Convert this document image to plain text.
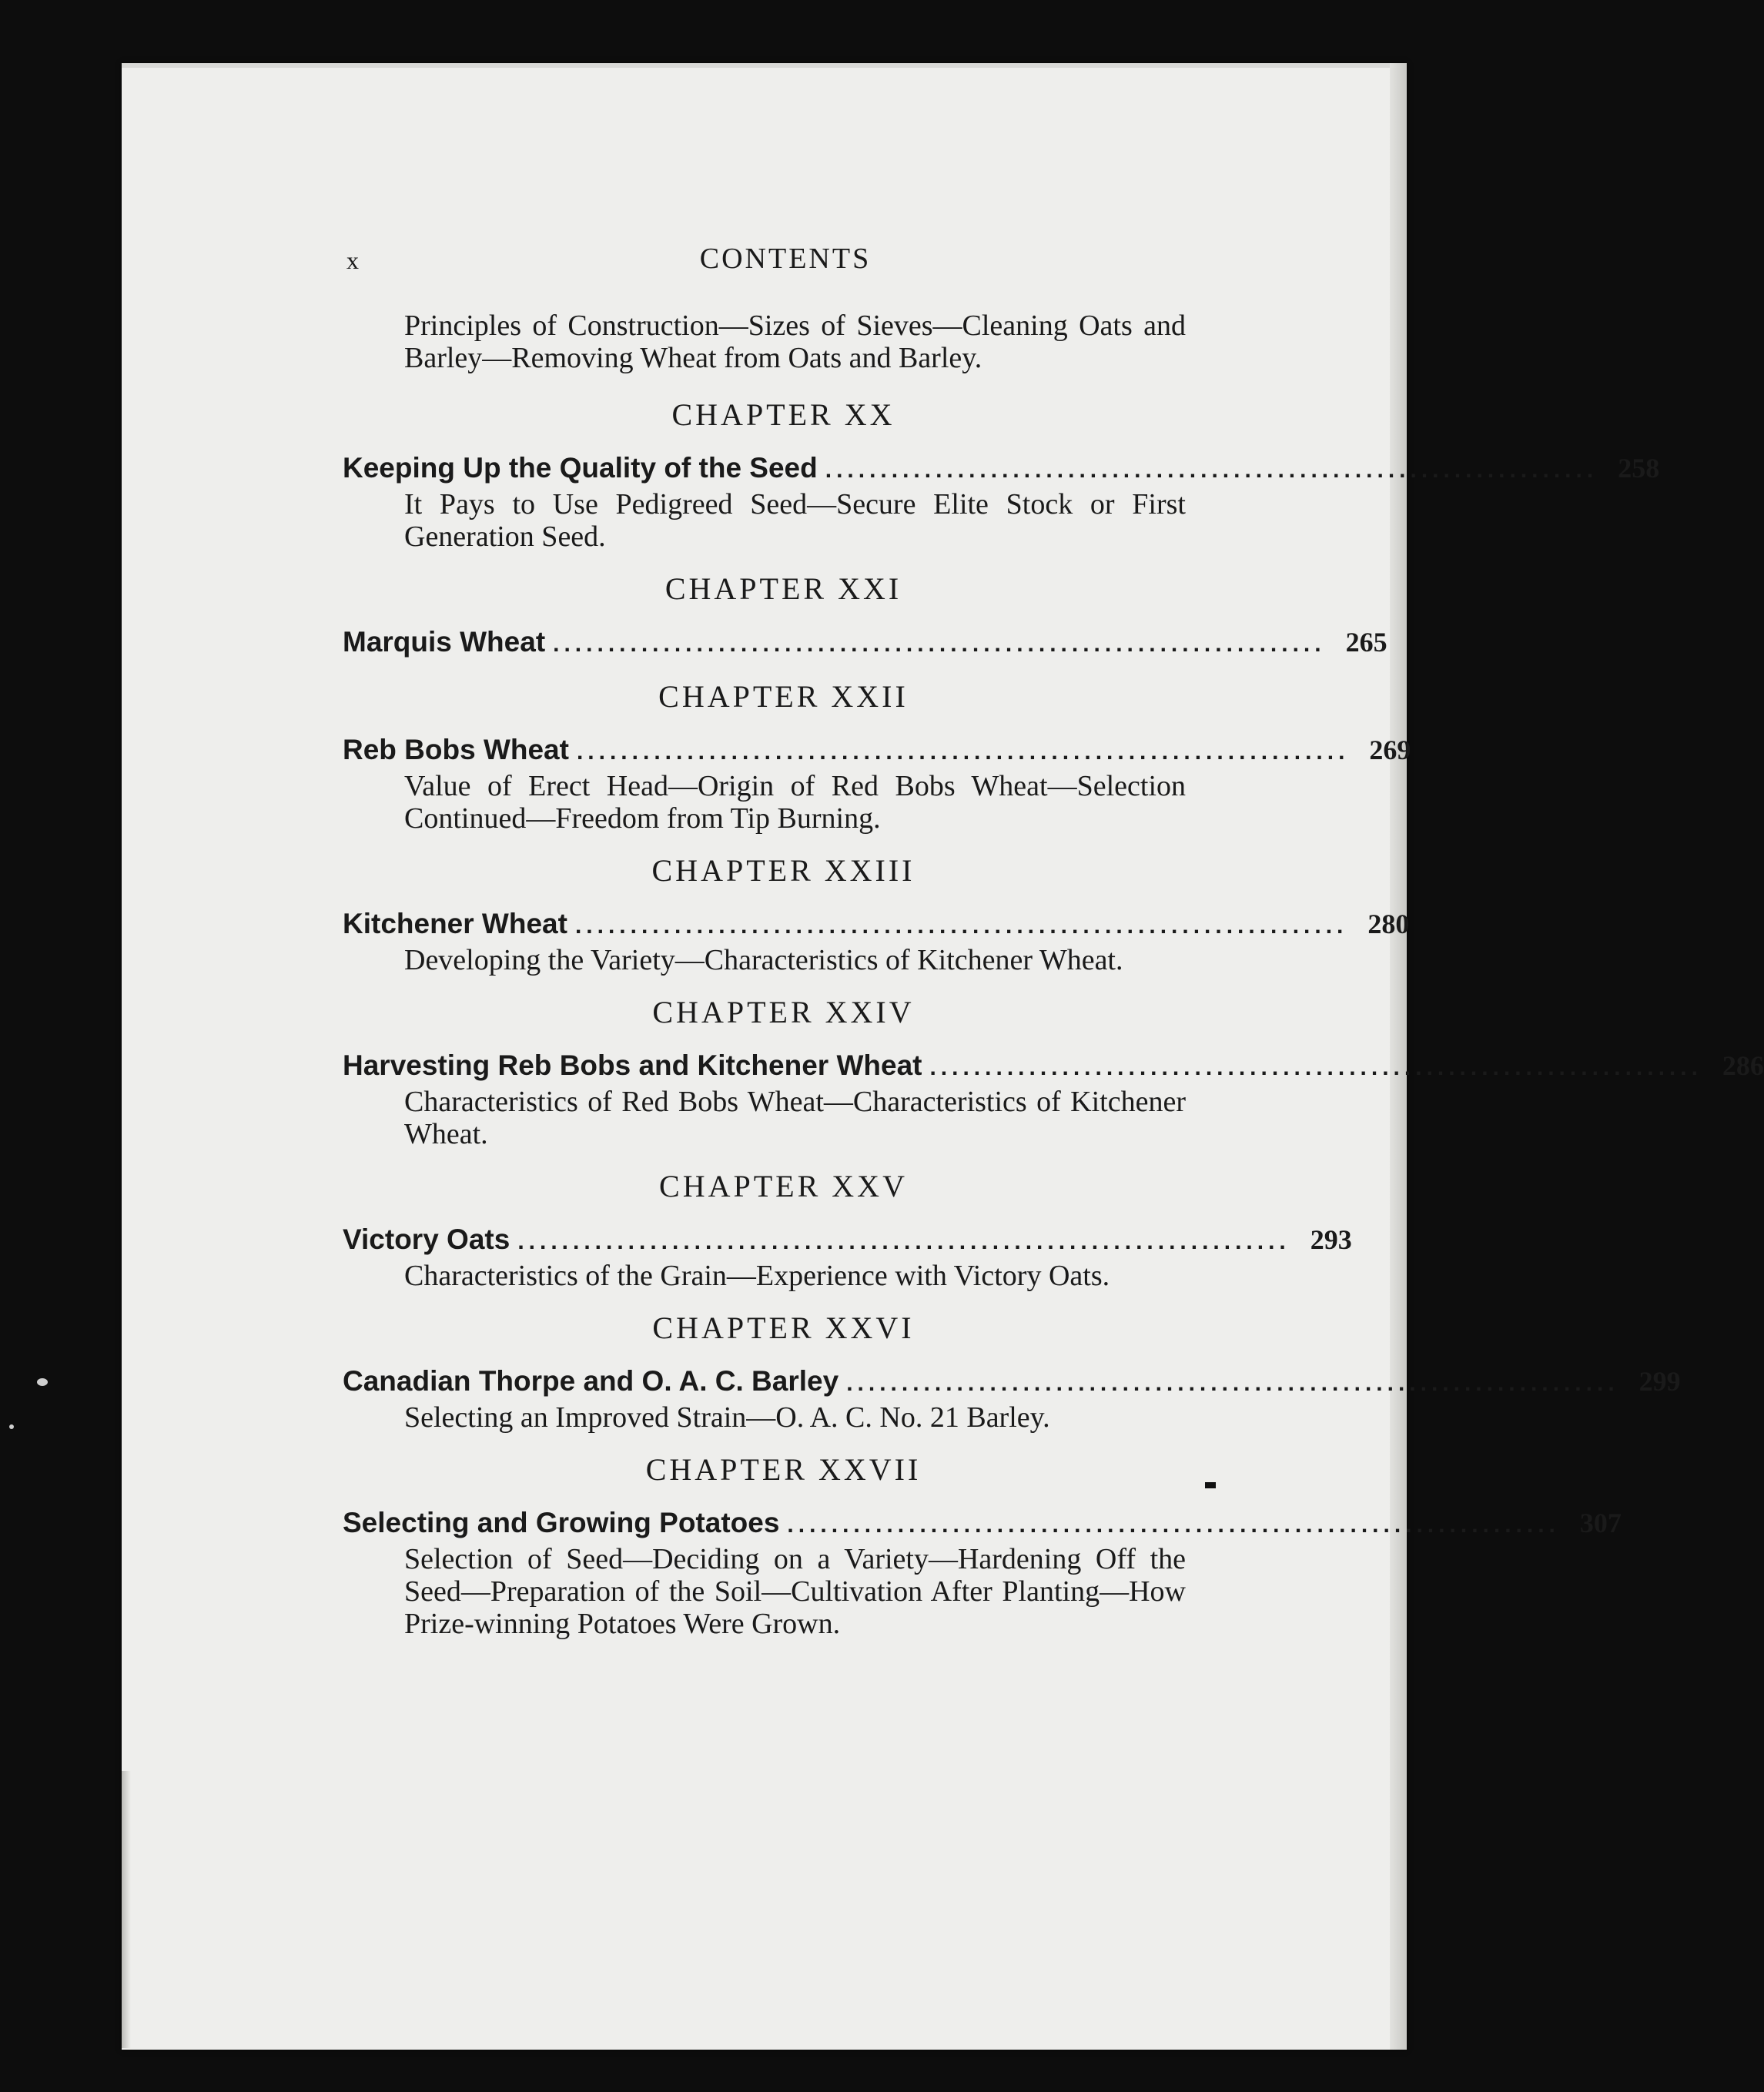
x	CONTENTS
Principles of Construction—Sizes of Sieves—Cleaning Oats and Barley—Removing Wheat from Oats and Barley.
CHAPTER XX
Keeping Up the Quality of the Seed ...................................................................... 258
It Pays to Use Pedigreed Seed—Secure Elite Stock or First Generation Seed.
CHAPTER XXI
Marquis Wheat ...................................................................... 265
CHAPTER XXII
Reb Bobs Wheat ...................................................................... 269
Value of Erect Head—Origin of Red Bobs Wheat—Selection Continued—Freedom from Tip Burning.
CHAPTER XXIII
Kitchener Wheat ...................................................................... 280
Developing the Variety—Characteristics of Kitchener Wheat.
CHAPTER XXIV
Harvesting Reb Bobs and Kitchener Wheat ...................................................................... 286
Characteristics of Red Bobs Wheat—Characteristics of Kitchener Wheat.
CHAPTER XXV
Victory Oats ...................................................................... 293
Characteristics of the Grain—Experience with Victory Oats.
CHAPTER XXVI
Canadian Thorpe and O. A. C. Barley ...................................................................... 299
Selecting an Improved Strain—O. A. C. No. 21 Barley.
CHAPTER XXVII
Selecting and Growing Potatoes ...................................................................... 307
Selection of Seed—Deciding on a Variety—Hardening Off the Seed—Preparation of the Soil—Cultivation After Planting—How Prize-winning Potatoes Were Grown.
